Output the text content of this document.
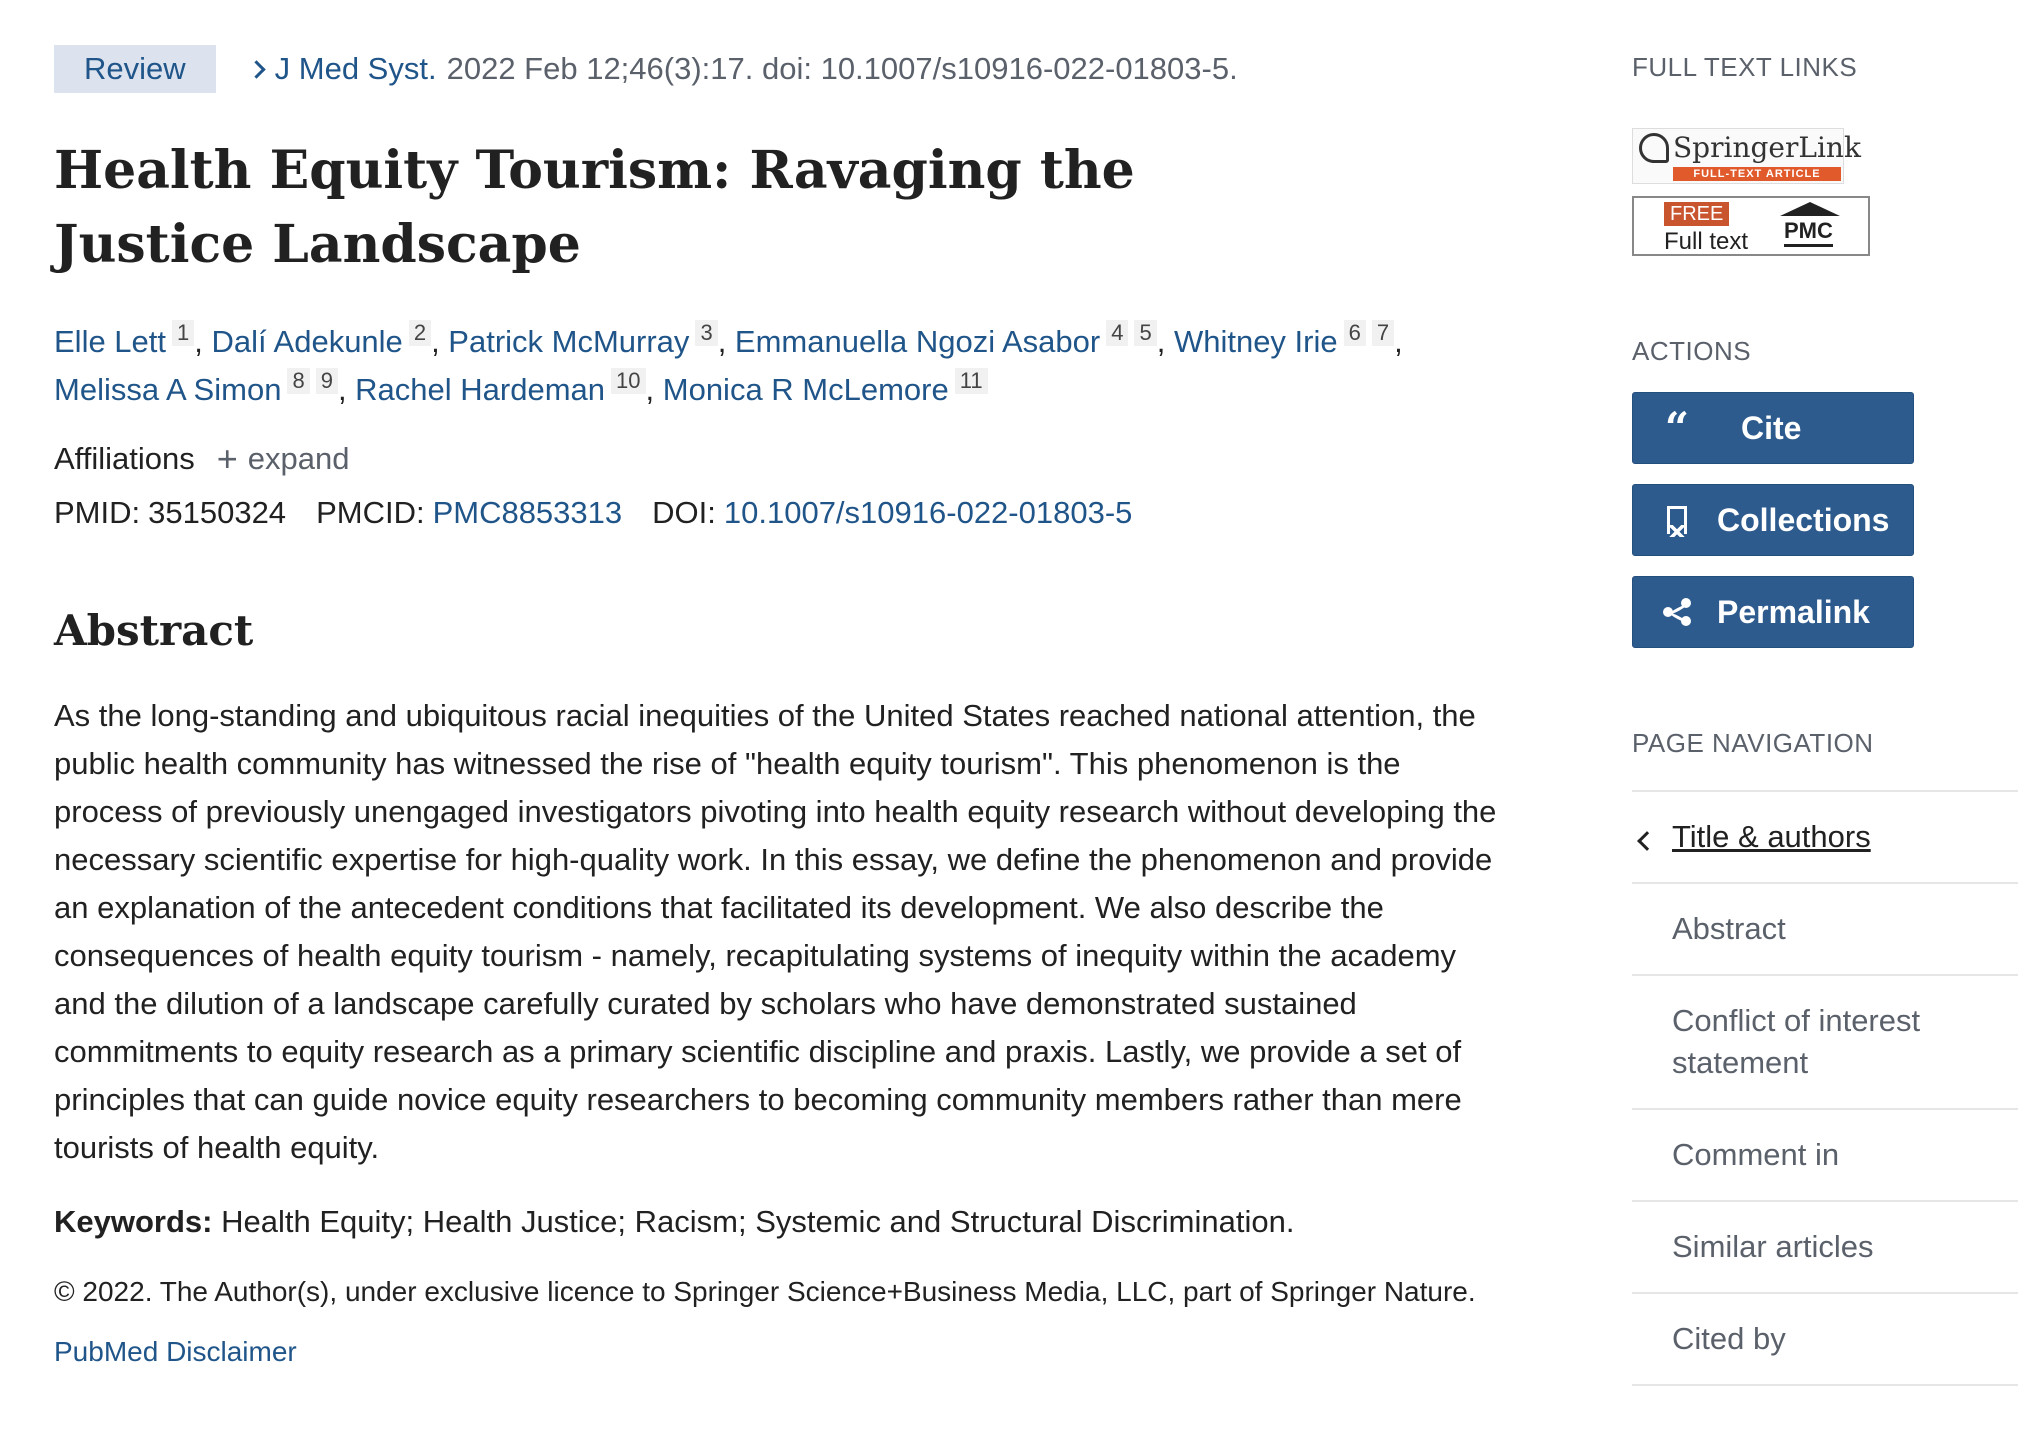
Review	J Med Syst. 2022 Feb 12;46(3):17. doi: 10.1007/s10916-022-01803-5.
Health Equity Tourism: Ravaging the Justice Landscape
Elle Lett 1 , Dalí Adekunle 2 , Patrick McMurray 3 , Emmanuella Ngozi Asabor 4 5 , Whitney Irie 6 7 , Melissa A Simon 8 9 , Rachel Hardeman 10 , Monica R McLemore 11
Affiliations + expand
PMID: 35150324 PMCID: PMC8853313 DOI: 10.1007/s10916-022-01803-5
Abstract

As the long-standing and ubiquitous racial inequities of the United States reached national attention, the public health community has witnessed the rise of "health equity tourism". This phenomenon is the process of previously unengaged investigators pivoting into health equity research without developing the necessary scientific expertise for high-quality work. In this essay, we define the phenomenon and provide an explanation of the antecedent conditions that facilitated its development. We also describe the consequences of health equity tourism - namely, recapitulating systems of inequity within the academy and the dilution of a landscape carefully curated by scholars who have demonstrated sustained commitments to equity research as a primary scientific discipline and praxis. Lastly, we provide a set of principles that can guide novice equity researchers to becoming community members rather than mere tourists of health equity.

Keywords: Health Equity; Health Justice; Racism; Systemic and Structural Discrimination.

© 2022. The Author(s), under exclusive licence to Springer Science+Business Media, LLC, part of Springer Nature.

PubMed Disclaimer
FULL TEXT LINKS
SpringerLink
FULL-TEXT ARTICLE
FREE
Full text PMC
ACTIONS
“ Cite
Collections
Permalink
PAGE NAVIGATION
Title & authors
Abstract
Conflict of interest statement
Comment in
Similar articles
Cited by
